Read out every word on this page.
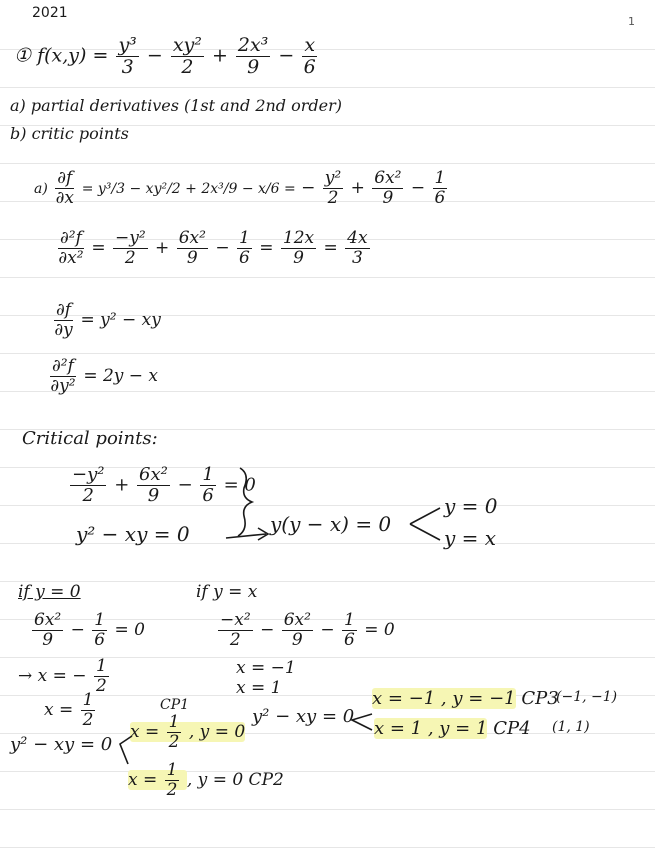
2021
1
① $f(x,y) = \frac{\text{y³}}{3} - \frac{\text{xy²}}{2} + \frac{\text{2x³}}{9} - \frac{x}{6}$
a) partial derivatives (1st and 2nd order)
b) critic points
$a) \frac{\partial f}{\partial x} = y^3/3 - xy^2/2 + 2x^3/9 - x/6$ = − $\frac{\text{y²}}{2} + \frac{\text{6x²}}{9} - \frac{1}{6}$
$\frac{\text{∂²f}}{\text{∂x²}} = \frac{\text{−y²}}{2} + \frac{\text{6x²}}{9} - \frac{1}{6} = \frac{12x}{9} = \frac{4x}{3}$
$\frac{\partial f}{\partial y} = y^2$ − xy
$\frac{\text{∂²f}}{\text{∂y²}} = 2y - x$
Critical points:
$\frac{\text{−y²}}{2} + \frac{\text{6x²}}{9} - \frac{1}{6} = 0$
y² − xy = 0	y(y − x) = 0
y = 0
y = x
if y = 0
$\frac{\text{6x²}}{9} - \frac{1}{6} = 0$
→ x = − $\frac{1}{2}$
$x = \frac{1}{2}$
if y = x
$\frac{\text{−x²}}{2} - \frac{\text{6x²}}{9} - \frac{1}{6} = 0$
x = −1
x = 1
CP1
y² − xy = 0
$x = \frac{1}{2}$ , y = 0
$x = \frac{1}{2}$ , y = 0 CP2
y² − xy = 0
x = −1 , y = −1 CP3
(−1, −1)
x = 1 , y = 1 CP4 (1, 1)
